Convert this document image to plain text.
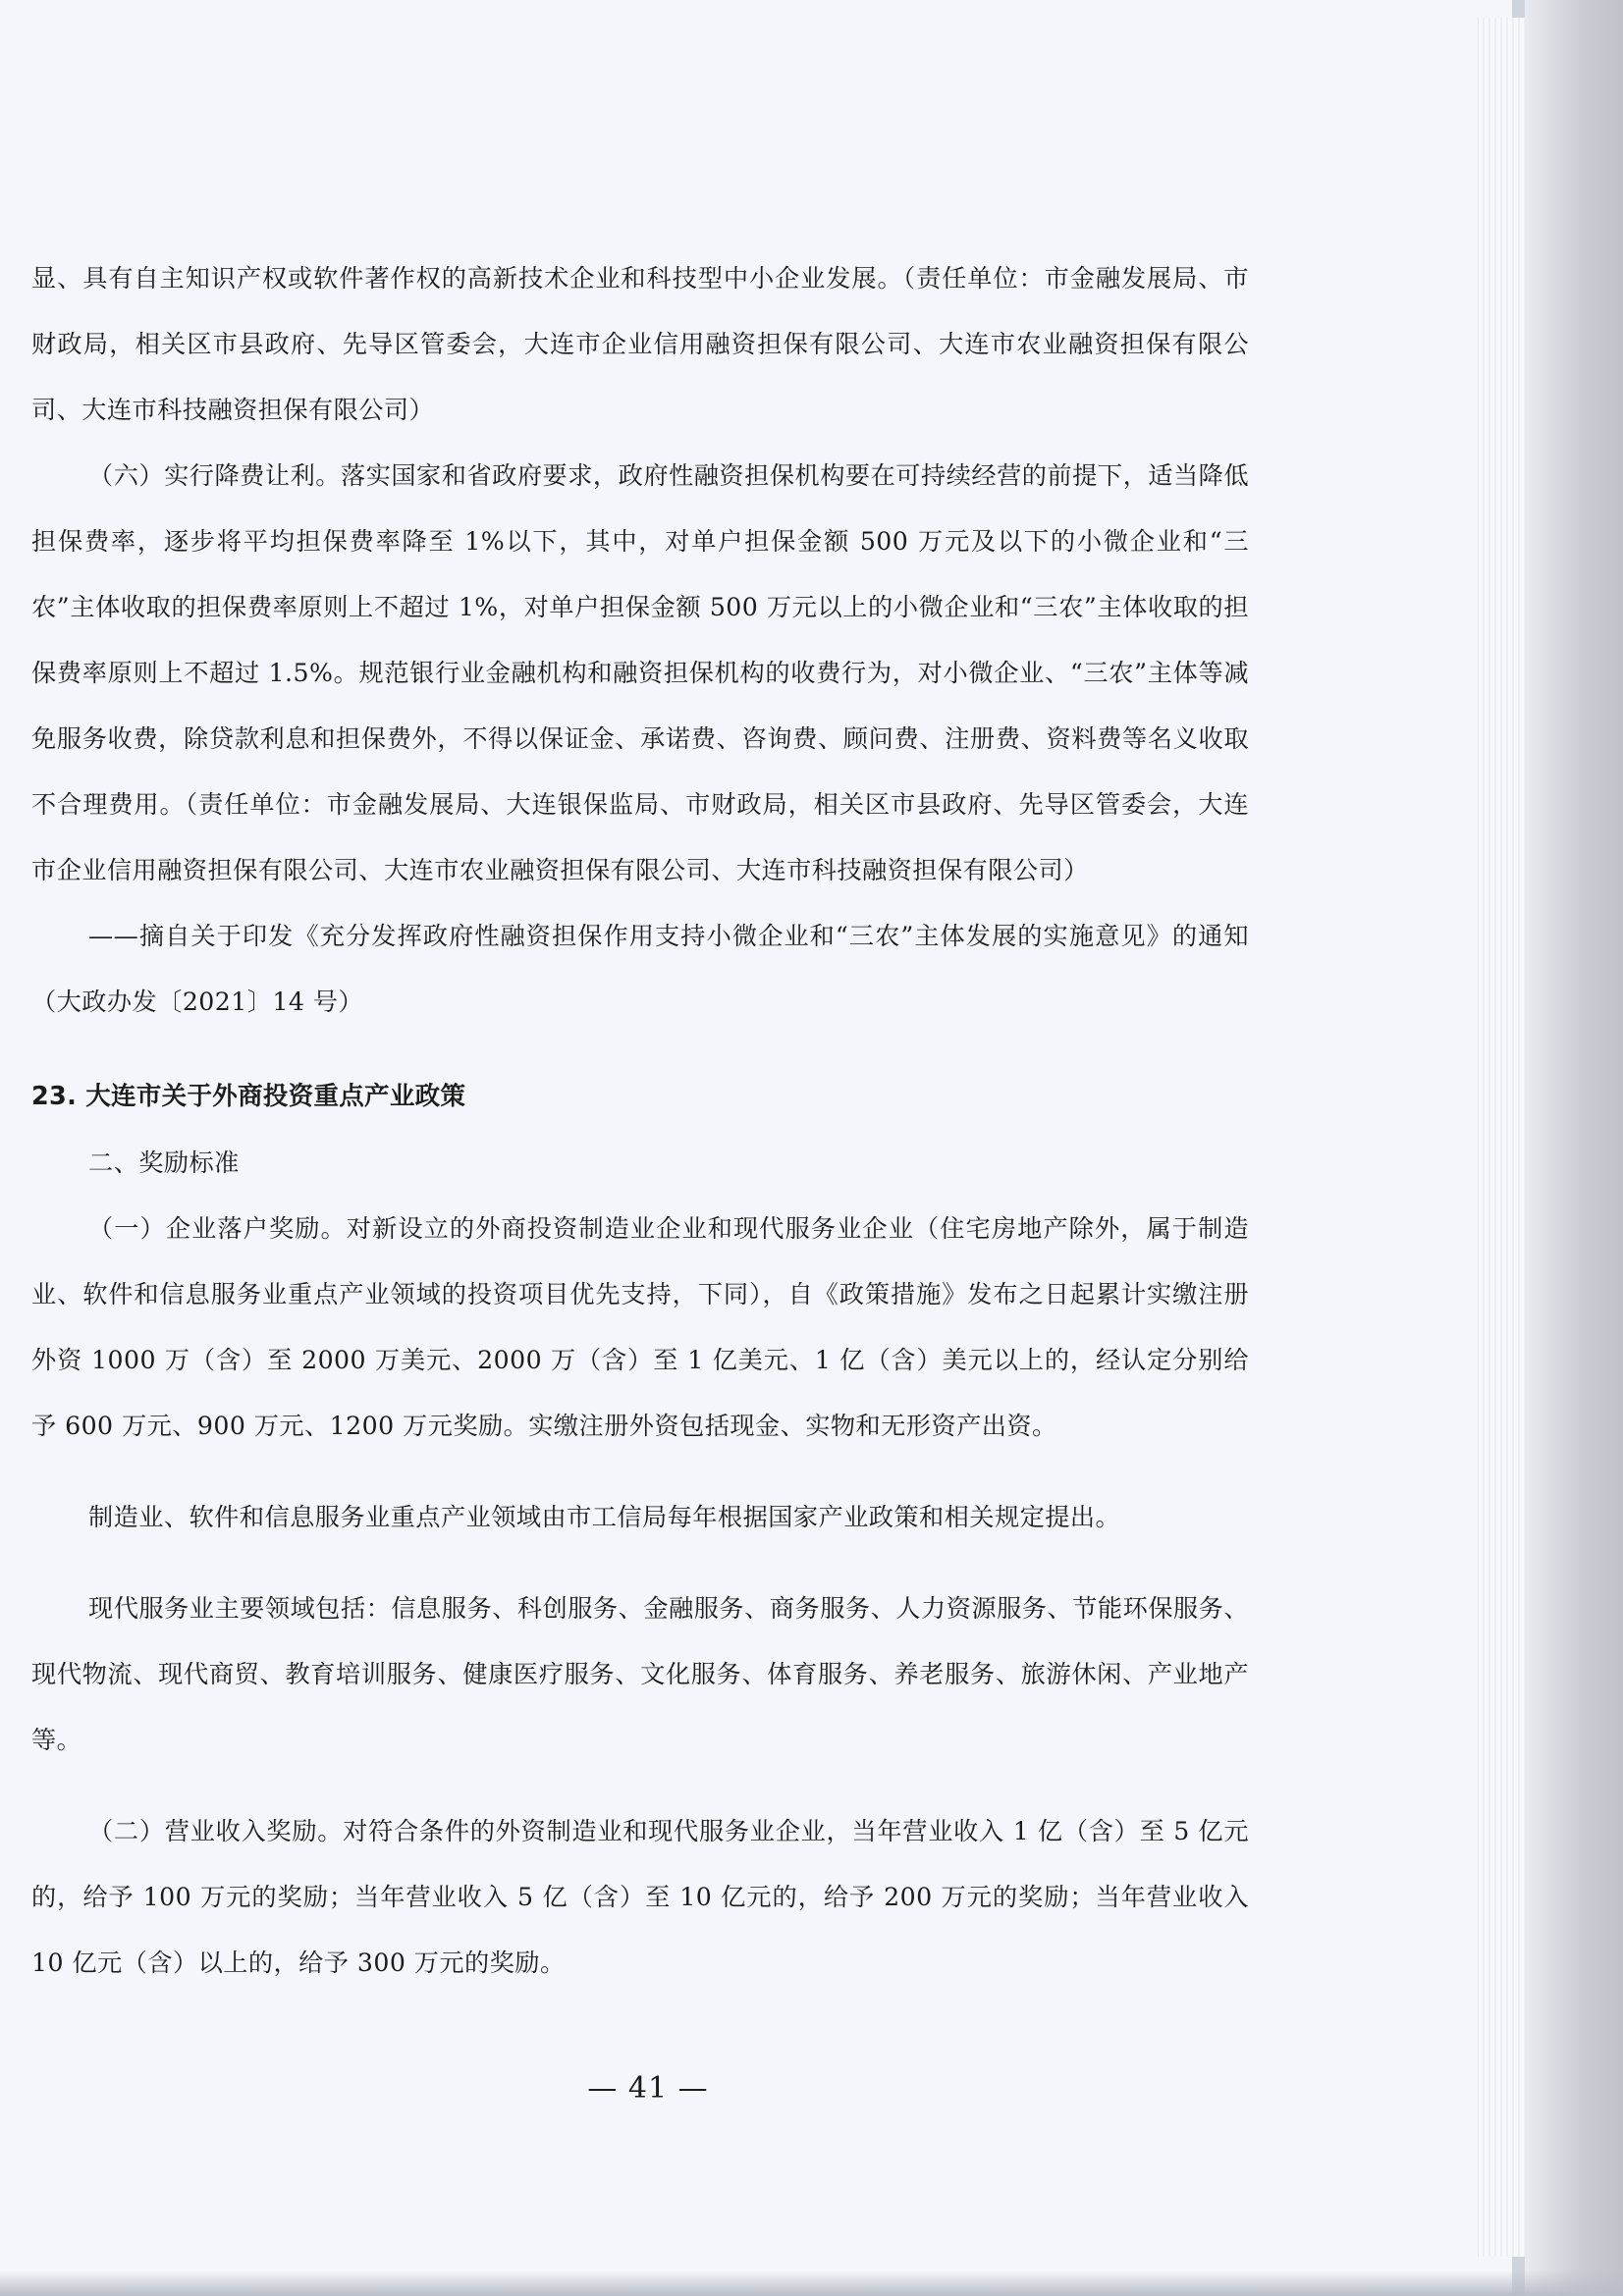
显、具有自主知识产权或软件著作权的高新技术企业和科技型中小企业发展。（责任单位：市金融发展局、市财政局，相关区市县政府、先导区管委会，大连市企业信用融资担保有限公司、大连市农业融资担保有限公司、大连市科技融资担保有限公司）

（六）实行降费让利。落实国家和省政府要求，政府性融资担保机构要在可持续经营的前提下，适当降低担保费率，逐步将平均担保费率降至 1%以下，其中，对单户担保金额 500 万元及以下的小微企业和“三农”主体收取的担保费率原则上不超过 1%，对单户担保金额 500 万元以上的小微企业和“三农”主体收取的担保费率原则上不超过 1.5%。规范银行业金融机构和融资担保机构的收费行为，对小微企业、“三农”主体等减免服务收费，除贷款利息和担保费外，不得以保证金、承诺费、咨询费、顾问费、注册费、资料费等名义收取不合理费用。（责任单位：市金融发展局、大连银保监局、市财政局，相关区市县政府、先导区管委会，大连市企业信用融资担保有限公司、大连市农业融资担保有限公司、大连市科技融资担保有限公司）

——摘自关于印发《充分发挥政府性融资担保作用支持小微企业和“三农”主体发展的实施意见》的通知（大政办发〔2021〕14 号）

23. 大连市关于外商投资重点产业政策

二、奖励标准

（一）企业落户奖励。对新设立的外商投资制造业企业和现代服务业企业（住宅房地产除外，属于制造业、软件和信息服务业重点产业领域的投资项目优先支持，下同），自《政策措施》发布之日起累计实缴注册外资 1000 万（含）至 2000 万美元、2000 万（含）至 1 亿美元、1 亿（含）美元以上的，经认定分别给予 600 万元、900 万元、1200 万元奖励。实缴注册外资包括现金、实物和无形资产出资。

制造业、软件和信息服务业重点产业领域由市工信局每年根据国家产业政策和相关规定提出。

现代服务业主要领域包括：信息服务、科创服务、金融服务、商务服务、人力资源服务、节能环保服务、现代物流、现代商贸、教育培训服务、健康医疗服务、文化服务、体育服务、养老服务、旅游休闲、产业地产等。

（二）营业收入奖励。对符合条件的外资制造业和现代服务业企业，当年营业收入 1 亿（含）至 5 亿元的，给予 100 万元的奖励；当年营业收入 5 亿（含）至 10 亿元的，给予 200 万元的奖励；当年营业收入 10 亿元（含）以上的，给予 300 万元的奖励。

— 41 —
